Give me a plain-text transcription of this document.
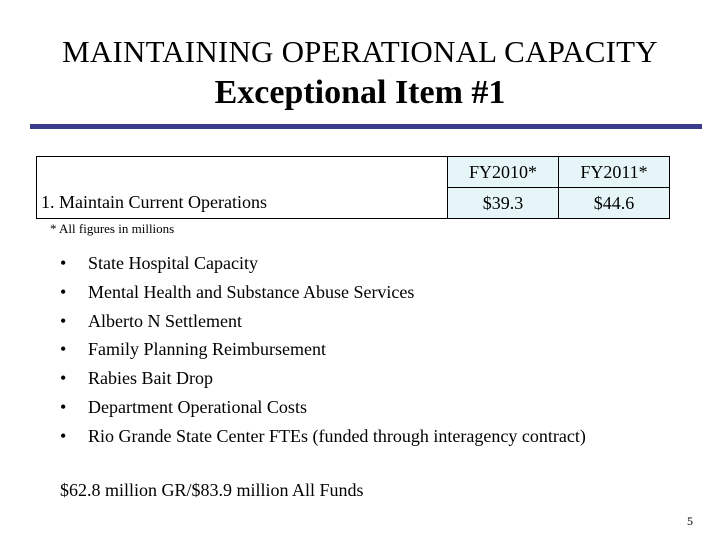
MAINTAINING OPERATIONAL CAPACITY
Exceptional Item #1
	FY2010*	FY2011*
1. Maintain Current Operations	$39.3	$44.6
* All figures in millions
• State Hospital Capacity
• Mental Health and Substance Abuse Services
• Alberto N Settlement
• Family Planning Reimbursement
• Rabies Bait Drop
• Department Operational Costs
• Rio Grande State Center FTEs (funded through interagency contract)
$62.8 million GR/$83.9 million All Funds
5
